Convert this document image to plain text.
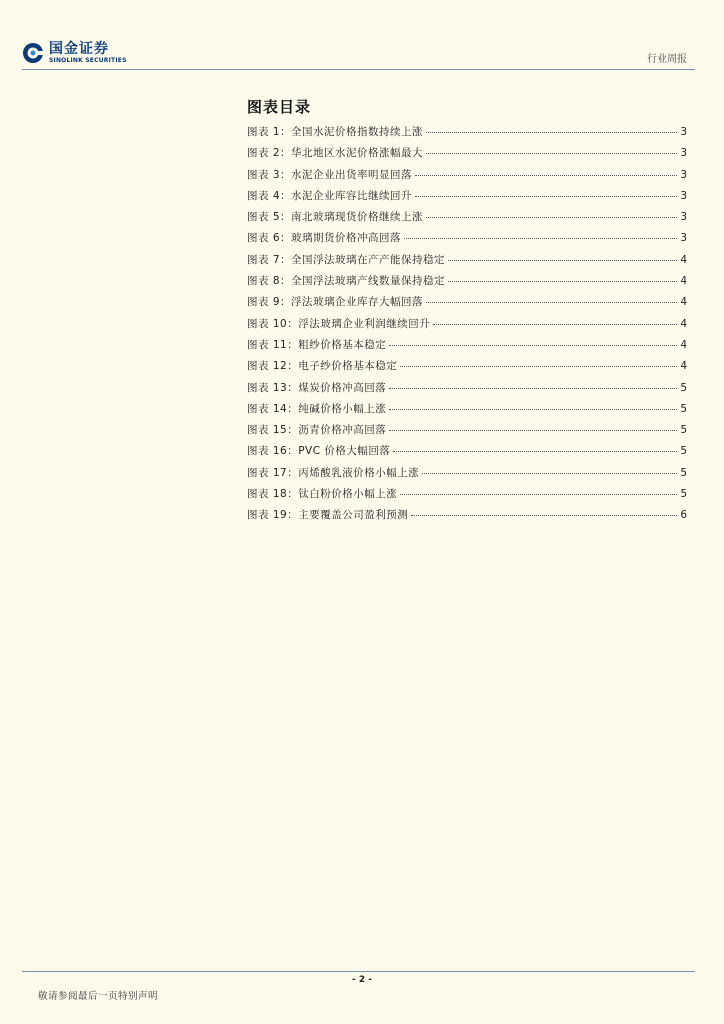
国金证券
SINOLINK SECURITIES	行业周报
图表目录
图表 1：全国水泥价格指数持续上涨	3
图表 2：华北地区水泥价格涨幅最大	3
图表 3：水泥企业出货率明显回落	3
图表 4：水泥企业库容比继续回升	3
图表 5：南北玻璃现货价格继续上涨	3
图表 6：玻璃期货价格冲高回落	3
图表 7：全国浮法玻璃在产产能保持稳定	4
图表 8：全国浮法玻璃产线数量保持稳定	4
图表 9：浮法玻璃企业库存大幅回落	4
图表 10：浮法玻璃企业利润继续回升	4
图表 11：粗纱价格基本稳定	4
图表 12：电子纱价格基本稳定	4
图表 13：煤炭价格冲高回落	5
图表 14：纯碱价格小幅上涨	5
图表 15：沥青价格冲高回落	5
图表 16：PVC 价格大幅回落	5
图表 17：丙烯酸乳液价格小幅上涨	5
图表 18：钛白粉价格小幅上涨	5
图表 19：主要覆盖公司盈利预测	6
- 2 -
敬请参阅最后一页特别声明
